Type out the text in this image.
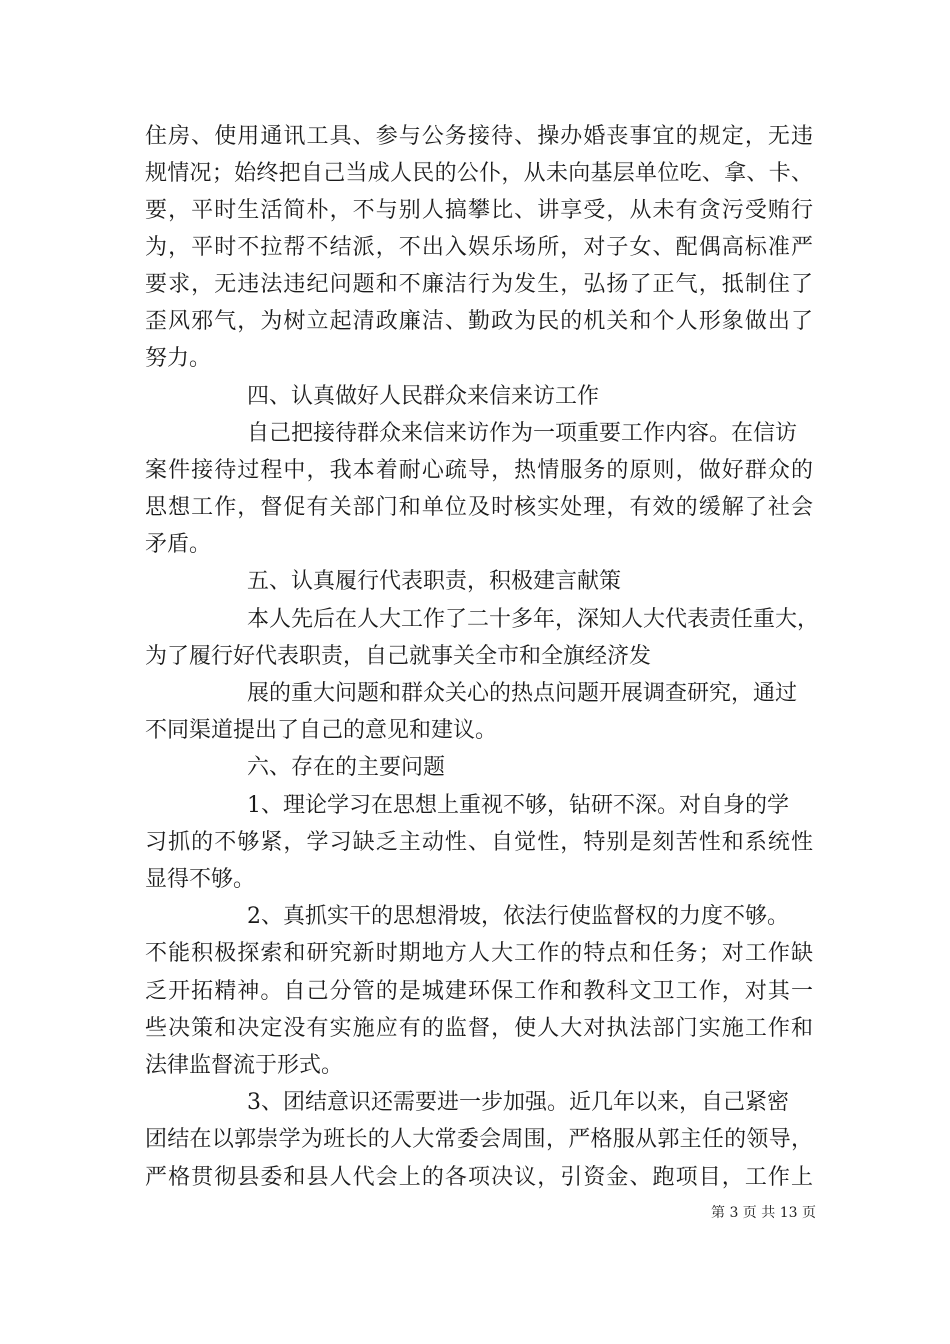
住房、使用通讯工具、参与公务接待、操办婚丧事宜的规定，无违
规情况；始终把自己当成人民的公仆，从未向基层单位吃、拿、卡、
要，平时生活简朴，不与别人搞攀比、讲享受，从未有贪污受贿行
为，平时不拉帮不结派，不出入娱乐场所，对子女、配偶高标准严
要求，无违法违纪问题和不廉洁行为发生，弘扬了正气，抵制住了
歪风邪气，为树立起清政廉洁、勤政为民的机关和个人形象做出了
努力。
四、认真做好人民群众来信来访工作
自己把接待群众来信来访作为一项重要工作内容。在信访
案件接待过程中，我本着耐心疏导，热情服务的原则，做好群众的
思想工作，督促有关部门和单位及时核实处理，有效的缓解了社会
矛盾。
五、认真履行代表职责，积极建言献策
本人先后在人大工作了二十多年，深知人大代表责任重大，
为了履行好代表职责，自己就事关全市和全旗经济发
展的重大问题和群众关心的热点问题开展调查研究，通过
不同渠道提出了自己的意见和建议。
六、存在的主要问题
1、理论学习在思想上重视不够，钻研不深。对自身的学
习抓的不够紧，学习缺乏主动性、自觉性，特别是刻苦性和系统性
显得不够。
2、真抓实干的思想滑坡，依法行使监督权的力度不够。
不能积极探索和研究新时期地方人大工作的特点和任务；对工作缺
乏开拓精神。自己分管的是城建环保工作和教科文卫工作，对其一
些决策和决定没有实施应有的监督，使人大对执法部门实施工作和
法律监督流于形式。
3、团结意识还需要进一步加强。近几年以来，自己紧密
团结在以郭崇学为班长的人大常委会周围，严格服从郭主任的领导，
严格贯彻县委和县人代会上的各项决议，引资金、跑项目，工作上
第 3 页 共 13 页
